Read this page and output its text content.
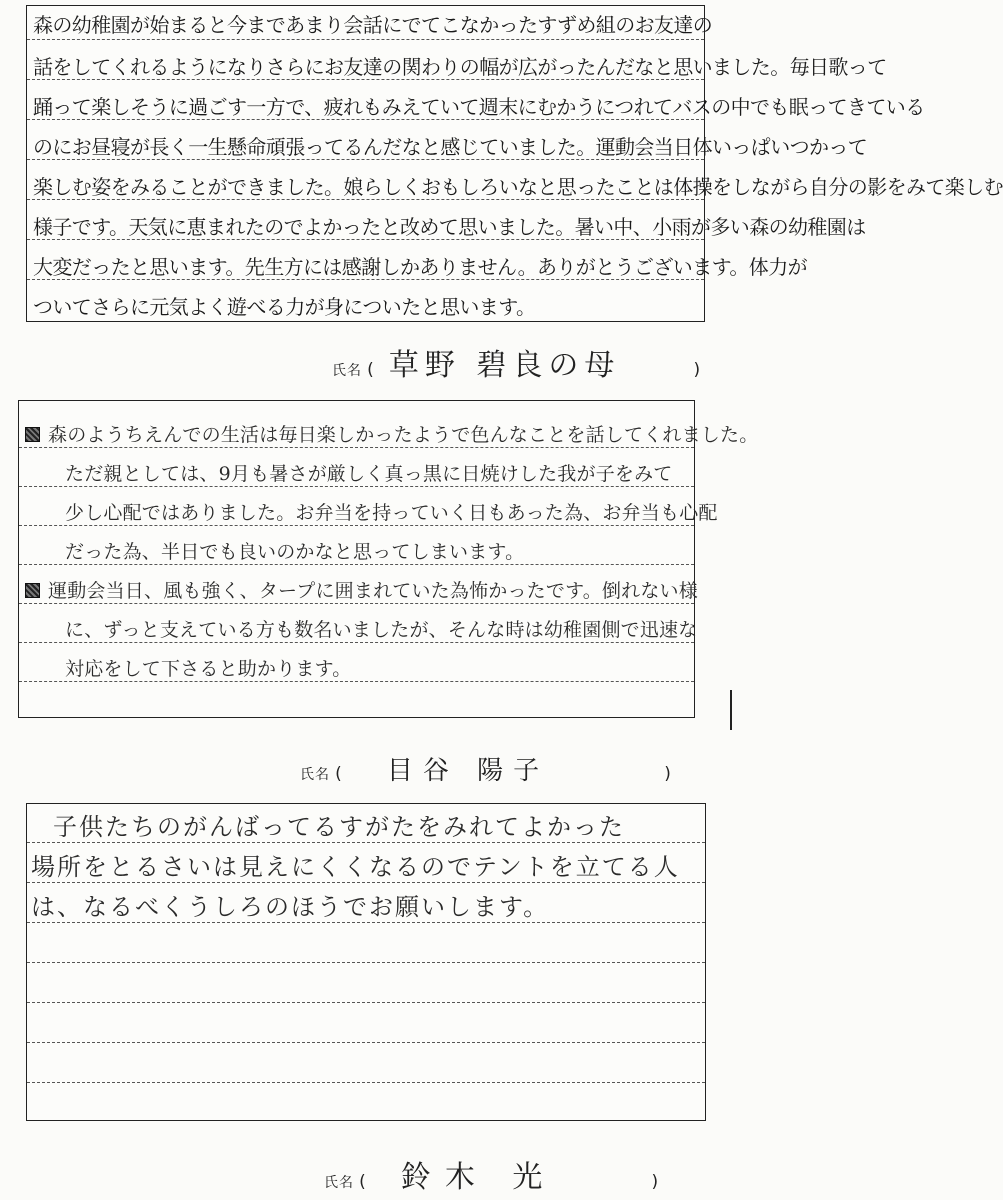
森の幼稚園が始まると今まであまり会話にでてこなかったすずめ組のお友達の
話をしてくれるようになりさらにお友達の関わりの幅が広がったんだなと思いました。毎日歌って
踊って楽しそうに過ごす一方で、疲れもみえていて週末にむかうにつれてバスの中でも眠ってきている
のにお昼寝が長く一生懸命頑張ってるんだなと感じていました。運動会当日体いっぱいつかって
楽しむ姿をみることができました。娘らしくおもしろいなと思ったことは体操をしながら自分の影をみて楽しむ
様子です。天気に恵まれたのでよかったと改めて思いました。暑い中、小雨が多い森の幼稚園は
大変だったと思います。先生方には感謝しかありません。ありがとうございます。体力が
ついてさらに元気よく遊べる力が身についたと思います。
氏名 ( 草野 碧良の母	)
森のようちえんでの生活は毎日楽しかったようで色んなことを話してくれました。
ただ親としては、9月も暑さが厳しく真っ黒に日焼けした我が子をみて
少し心配ではありました。お弁当を持っていく日もあった為、お弁当も心配
だった為、半日でも良いのかなと思ってしまいます。
運動会当日、風も強く、タープに囲まれていた為怖かったです。倒れない様
に、ずっと支えている方も数名いましたが、そんな時は幼稚園側で迅速な
対応をして下さると助かります。
氏名 ( 目谷 陽子	)
子供たちのがんばってるすがたをみれてよかった
場所をとるさいは見えにくくなるのでテントを立てる人
は、なるべくうしろのほうでお願いします。
氏名 ( 鈴木 光	)
